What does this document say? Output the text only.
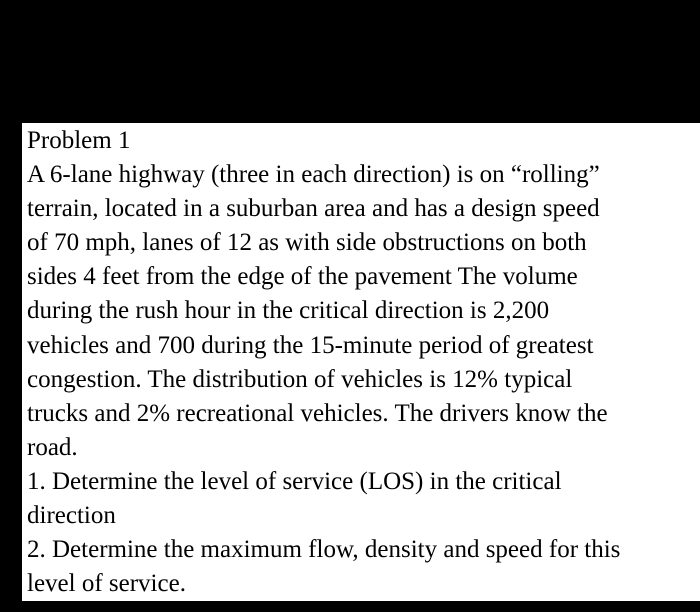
Problem 1
A 6-lane highway (three in each direction) is on “rolling”
terrain, located in a suburban area and has a design speed
of 70 mph, lanes of 12 as with side obstructions on both
sides 4 feet from the edge of the pavement The volume
during the rush hour in the critical direction is 2,200
vehicles and 700 during the 15-minute period of greatest
congestion. The distribution of vehicles is 12% typical
trucks and 2% recreational vehicles. The drivers know the
road.
1. Determine the level of service (LOS) in the critical
direction
2. Determine the maximum flow, density and speed for this
level of service.
